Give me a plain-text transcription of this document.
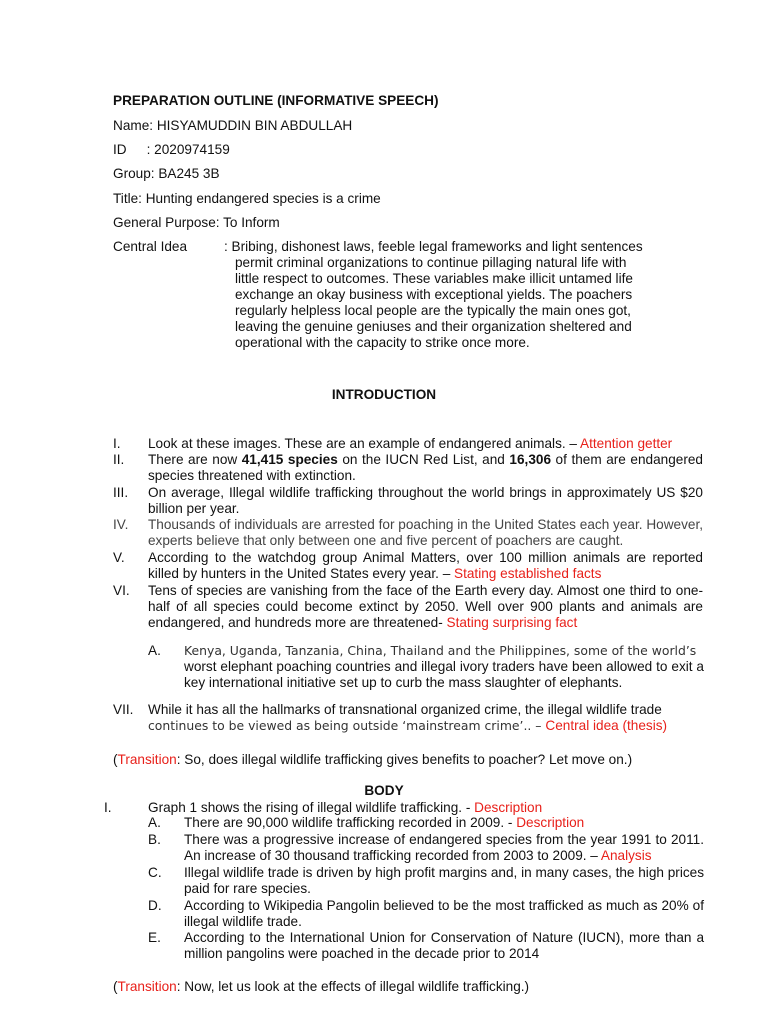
PREPARATION OUTLINE (INFORMATIVE SPEECH)
Name: HISYAMUDDIN BIN ABDULLAH
ID : 2020974159
Group: BA245 3B
Title: Hunting endangered species is a crime
General Purpose: To Inform
Central Idea	: Bribing, dishonest laws, feeble legal frameworks and light sentences
permit criminal organizations to continue pillaging natural life with little respect to outcomes. These variables make illicit untamed life exchange an okay business with exceptional yields. The poachers regularly helpless local people are the typically the main ones got, leaving the genuine geniuses and their organization sheltered and operational with the capacity to strike once more.
INTRODUCTION
I. Look at these images. These are an example of endangered animals. – Attention getter
II. There are now 41,415 species on the IUCN Red List, and 16,306 of them are endangered species threatened with extinction.
III. On average, Illegal wildlife trafficking throughout the world brings in approximately US $20 billion per year.
IV. Thousands of individuals are arrested for poaching in the United States each year. However, experts believe that only between one and five percent of poachers are caught.
V. According to the watchdog group Animal Matters, over 100 million animals are reported killed by hunters in the United States every year. – Stating established facts
VI. Tens of species are vanishing from the face of the Earth every day. Almost one third to one-half of all species could become extinct by 2050. Well over 900 plants and animals are endangered, and hundreds more are threatened- Stating surprising fact
A. Kenya, Uganda, Tanzania, China, Thailand and the Philippines, some of the world’s
worst elephant poaching countries and illegal ivory traders have been allowed to exit a key international initiative set up to curb the mass slaughter of elephants.
VII. While it has all the hallmarks of transnational organized crime, the illegal wildlife trade
continues to be viewed as being outside ‘mainstream crime’.. – Central idea (thesis)
(Transition: So, does illegal wildlife trafficking gives benefits to poacher? Let move on.)
BODY
I.	Graph 1 shows the rising of illegal wildlife trafficking. - Description
A. There are 90,000 wildlife trafficking recorded in 2009. - Description
B. There was a progressive increase of endangered species from the year 1991 to 2011. An increase of 30 thousand trafficking recorded from 2003 to 2009. – Analysis
C. Illegal wildlife trade is driven by high profit margins and, in many cases, the high prices paid for rare species.
D. According to Wikipedia Pangolin believed to be the most trafficked as much as 20% of illegal wildlife trade.
E. According to the International Union for Conservation of Nature (IUCN), more than a million pangolins were poached in the decade prior to 2014
(Transition: Now, let us look at the effects of illegal wildlife trafficking.)
